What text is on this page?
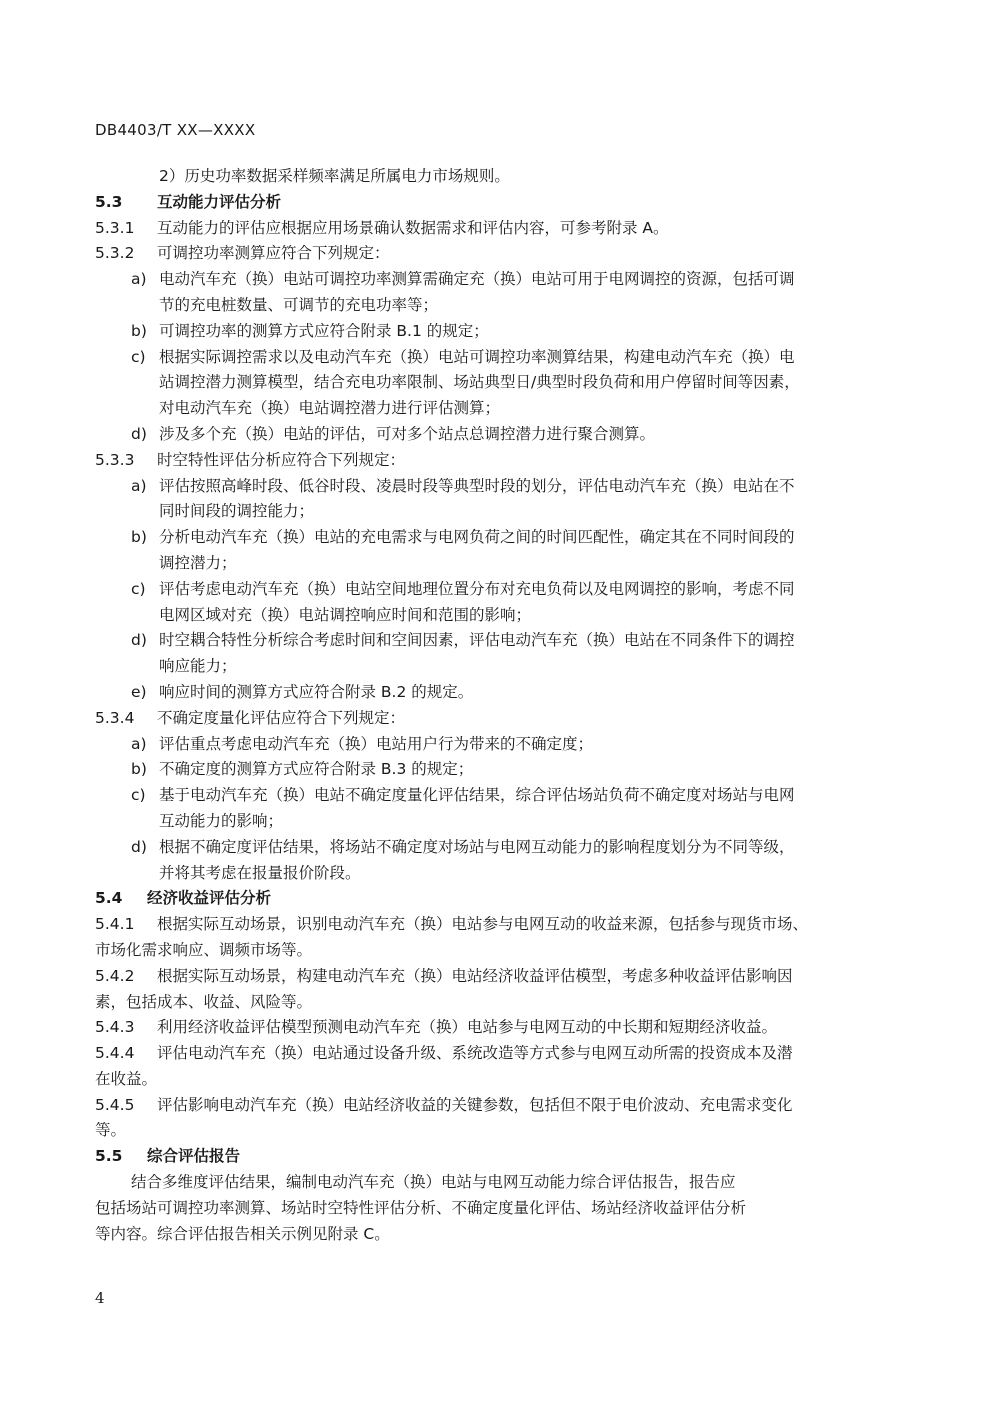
DB4403/T XX—XXXX
2）历史功率数据采样频率满足所属电力市场规则。
5.3 互动能力评估分析
5.3.1 互动能力的评估应根据应用场景确认数据需求和评估内容，可参考附录 A。
5.3.2 可调控功率测算应符合下列规定：
a) 电动汽车充（换）电站可调控功率测算需确定充（换）电站可用于电网调控的资源，包括可调
节的充电桩数量、可调节的充电功率等；
b) 可调控功率的测算方式应符合附录 B.1 的规定；
c) 根据实际调控需求以及电动汽车充（换）电站可调控功率测算结果，构建电动汽车充（换）电
站调控潜力测算模型，结合充电功率限制、场站典型日/典型时段负荷和用户停留时间等因素，
对电动汽车充（换）电站调控潜力进行评估测算；
d) 涉及多个充（换）电站的评估，可对多个站点总调控潜力进行聚合测算。
5.3.3 时空特性评估分析应符合下列规定：
a) 评估按照高峰时段、低谷时段、凌晨时段等典型时段的划分，评估电动汽车充（换）电站在不
同时间段的调控能力；
b) 分析电动汽车充（换）电站的充电需求与电网负荷之间的时间匹配性，确定其在不同时间段的
调控潜力；
c) 评估考虑电动汽车充（换）电站空间地理位置分布对充电负荷以及电网调控的影响，考虑不同
电网区域对充（换）电站调控响应时间和范围的影响；
d) 时空耦合特性分析综合考虑时间和空间因素，评估电动汽车充（换）电站在不同条件下的调控
响应能力；
e) 响应时间的测算方式应符合附录 B.2 的规定。
5.3.4 不确定度量化评估应符合下列规定：
a) 评估重点考虑电动汽车充（换）电站用户行为带来的不确定度；
b) 不确定度的测算方式应符合附录 B.3 的规定；
c) 基于电动汽车充（换）电站不确定度量化评估结果，综合评估场站负荷不确定度对场站与电网
互动能力的影响；
d) 根据不确定度评估结果，将场站不确定度对场站与电网互动能力的影响程度划分为不同等级，
并将其考虑在报量报价阶段。
5.4 经济收益评估分析
5.4.1 根据实际互动场景，识别电动汽车充（换）电站参与电网互动的收益来源，包括参与现货市场、
市场化需求响应、调频市场等。
5.4.2 根据实际互动场景，构建电动汽车充（换）电站经济收益评估模型，考虑多种收益评估影响因
素，包括成本、收益、风险等。
5.4.3 利用经济收益评估模型预测电动汽车充（换）电站参与电网互动的中长期和短期经济收益。
5.4.4 评估电动汽车充（换）电站通过设备升级、系统改造等方式参与电网互动所需的投资成本及潜
在收益。
5.4.5 评估影响电动汽车充（换）电站经济收益的关键参数，包括但不限于电价波动、充电需求变化
等。
5.5 综合评估报告
结合多维度评估结果，编制电动汽车充（换）电站与电网互动能力综合评估报告，报告应
包括场站可调控功率测算、场站时空特性评估分析、不确定度量化评估、场站经济收益评估分析
等内容。综合评估报告相关示例见附录 C。
4
